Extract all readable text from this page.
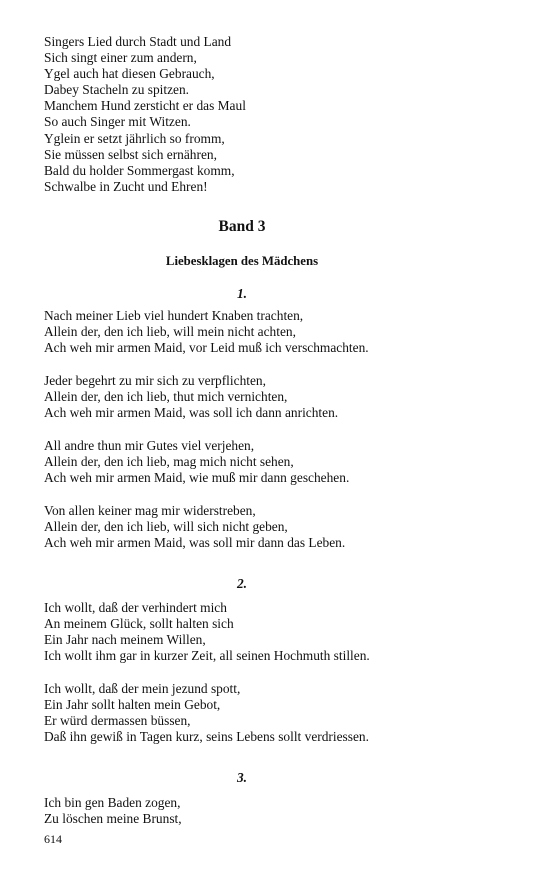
Singers Lied durch Stadt und Land
Sich singt einer zum andern,
Ygel auch hat diesen Gebrauch,
Dabey Stacheln zu spitzen.
Manchem Hund zersticht er das Maul
So auch Singer mit Witzen.
Yglein er setzt jährlich so fromm,
Sie müssen selbst sich ernähren,
Bald du holder Sommergast komm,
Schwalbe in Zucht und Ehren!
Band 3
Liebesklagen des Mädchens
1.
Nach meiner Lieb viel hundert Knaben trachten,
Allein der, den ich lieb, will mein nicht achten,
Ach weh mir armen Maid, vor Leid muß ich verschmachten.
Jeder begehrt zu mir sich zu verpflichten,
Allein der, den ich lieb, thut mich vernichten,
Ach weh mir armen Maid, was soll ich dann anrichten.
All andre thun mir Gutes viel verjehen,
Allein der, den ich lieb, mag mich nicht sehen,
Ach weh mir armen Maid, wie muß mir dann geschehen.
Von allen keiner mag mir widerstreben,
Allein der, den ich lieb, will sich nicht geben,
Ach weh mir armen Maid, was soll mir dann das Leben.
2.
Ich wollt, daß der verhindert mich
An meinem Glück, sollt halten sich
Ein Jahr nach meinem Willen,
Ich wollt ihm gar in kurzer Zeit, all seinen Hochmuth stillen.
Ich wollt, daß der mein jezund spott,
Ein Jahr sollt halten mein Gebot,
Er würd dermassen büssen,
Daß ihn gewiß in Tagen kurz, seins Lebens sollt verdriessen.
3.
Ich bin gen Baden zogen,
Zu löschen meine Brunst,
614
